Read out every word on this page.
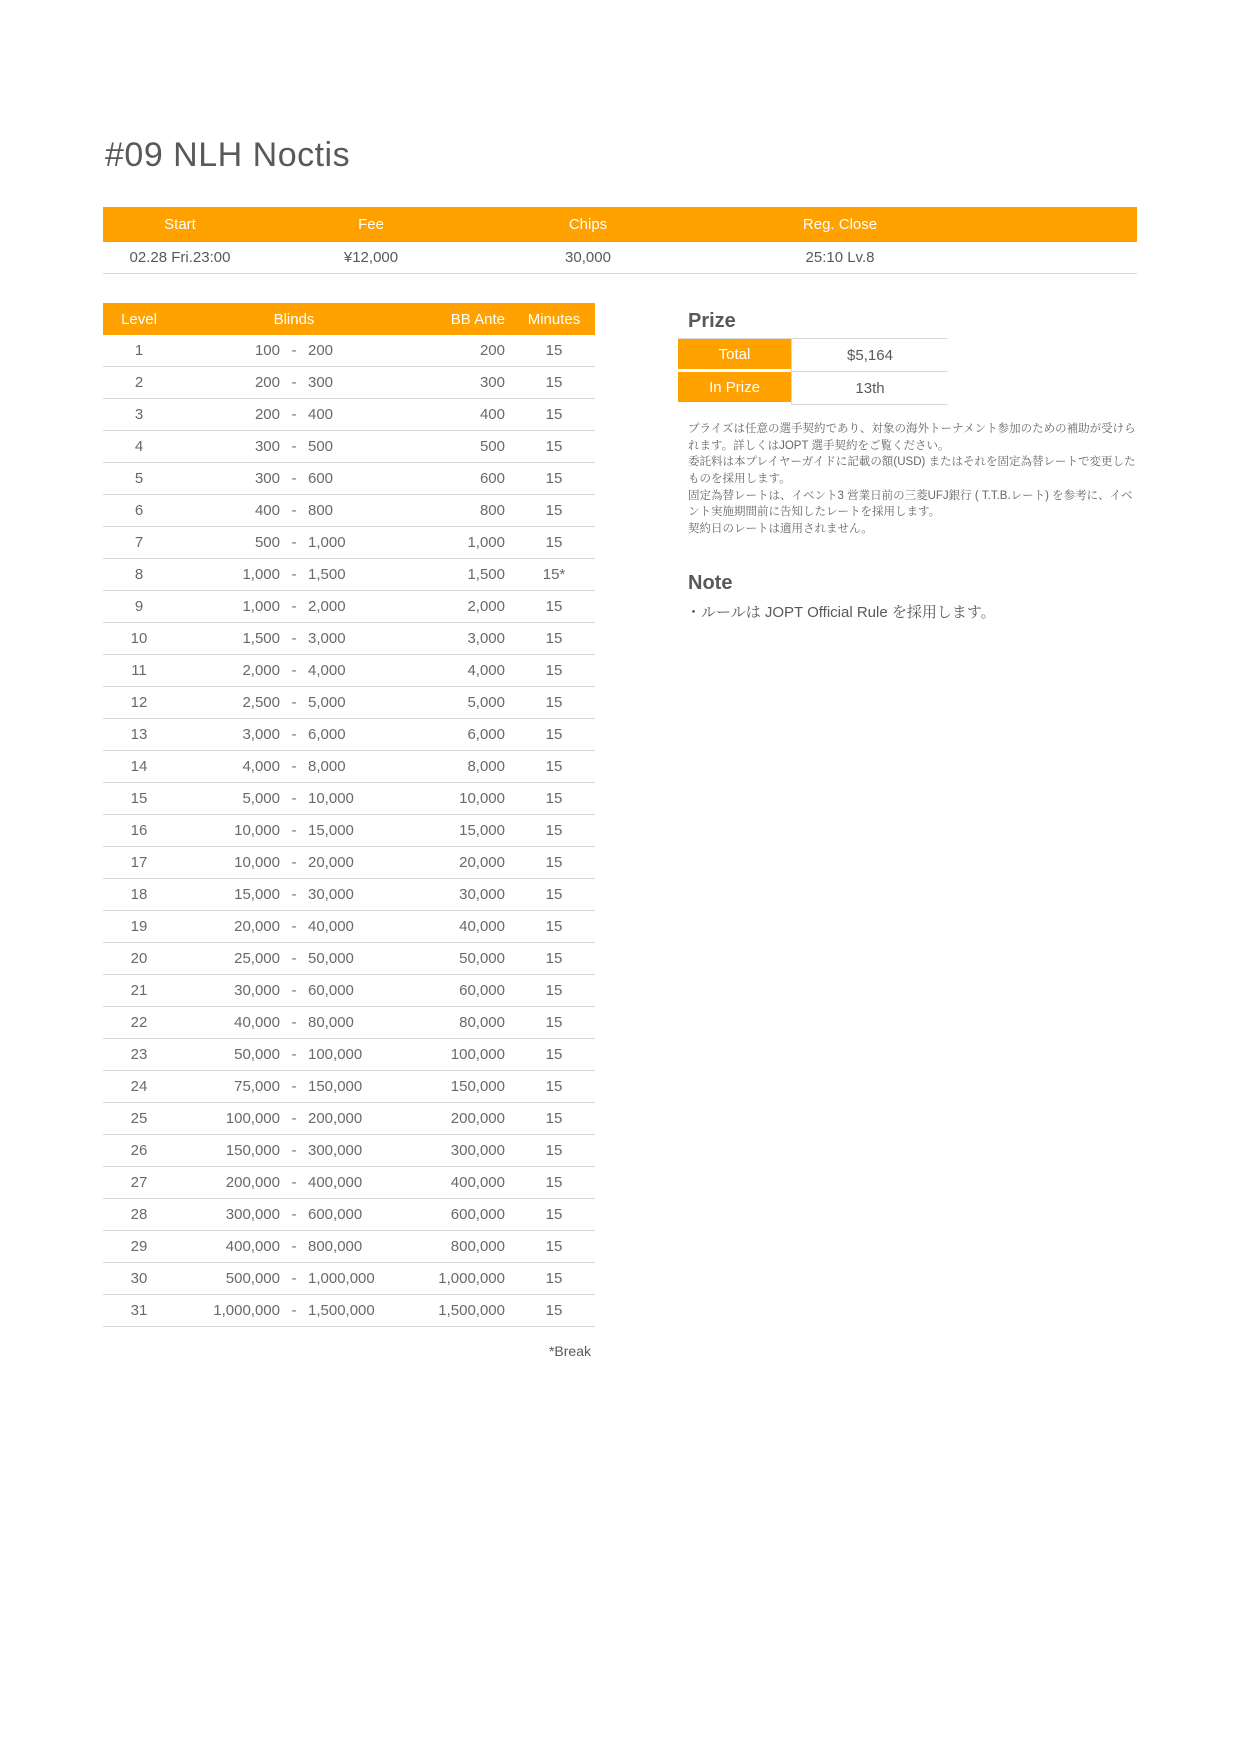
#09 NLH Noctis
Start	Fee	Chips	Reg. Close
02.28 Fri.23:00	¥12,000	30,000	25:10 Lv.8
Level	Blinds	BB Ante	Minutes
1	100 - 200	200	15
2	200 - 300	300	15
3	200 - 400	400	15
4	300 - 500	500	15
5	300 - 600	600	15
6	400 - 800	800	15
7	500 - 1,000	1,000	15
8	1,000 - 1,500	1,500	15*
9	1,000 - 2,000	2,000	15
10	1,500 - 3,000	3,000	15
11	2,000 - 4,000	4,000	15
12	2,500 - 5,000	5,000	15
13	3,000 - 6,000	6,000	15
14	4,000 - 8,000	8,000	15
15	5,000 - 10,000	10,000	15
16	10,000 - 15,000	15,000	15
17	10,000 - 20,000	20,000	15
18	15,000 - 30,000	30,000	15
19	20,000 - 40,000	40,000	15
20	25,000 - 50,000	50,000	15
21	30,000 - 60,000	60,000	15
22	40,000 - 80,000	80,000	15
23	50,000 - 100,000	100,000	15
24	75,000 - 150,000	150,000	15
25	100,000 - 200,000	200,000	15
26	150,000 - 300,000	300,000	15
27	200,000 - 400,000	400,000	15
28	300,000 - 600,000	600,000	15
29	400,000 - 800,000	800,000	15
30	500,000 - 1,000,000	1,000,000	15
31	1,000,000 - 1,500,000	1,500,000	15
*Break
Prize
Total	$5,164
In Prize	13th
プライズは任意の選手契約であり、対象の海外トーナメント参加のための補助が受けられます。詳しくはJOPT 選手契約をご覧ください。
委託料は本プレイヤーガイドに記載の額(USD) またはそれを固定為替レートで変更したものを採用します。
固定為替レートは、イベント3 営業日前の三菱UFJ銀行 ( T.T.B.レート) を参考に、イベント実施期間前に告知したレートを採用します。
契約日のレートは適用されません。
Note
・ルールは JOPT Official Rule を採用します。
